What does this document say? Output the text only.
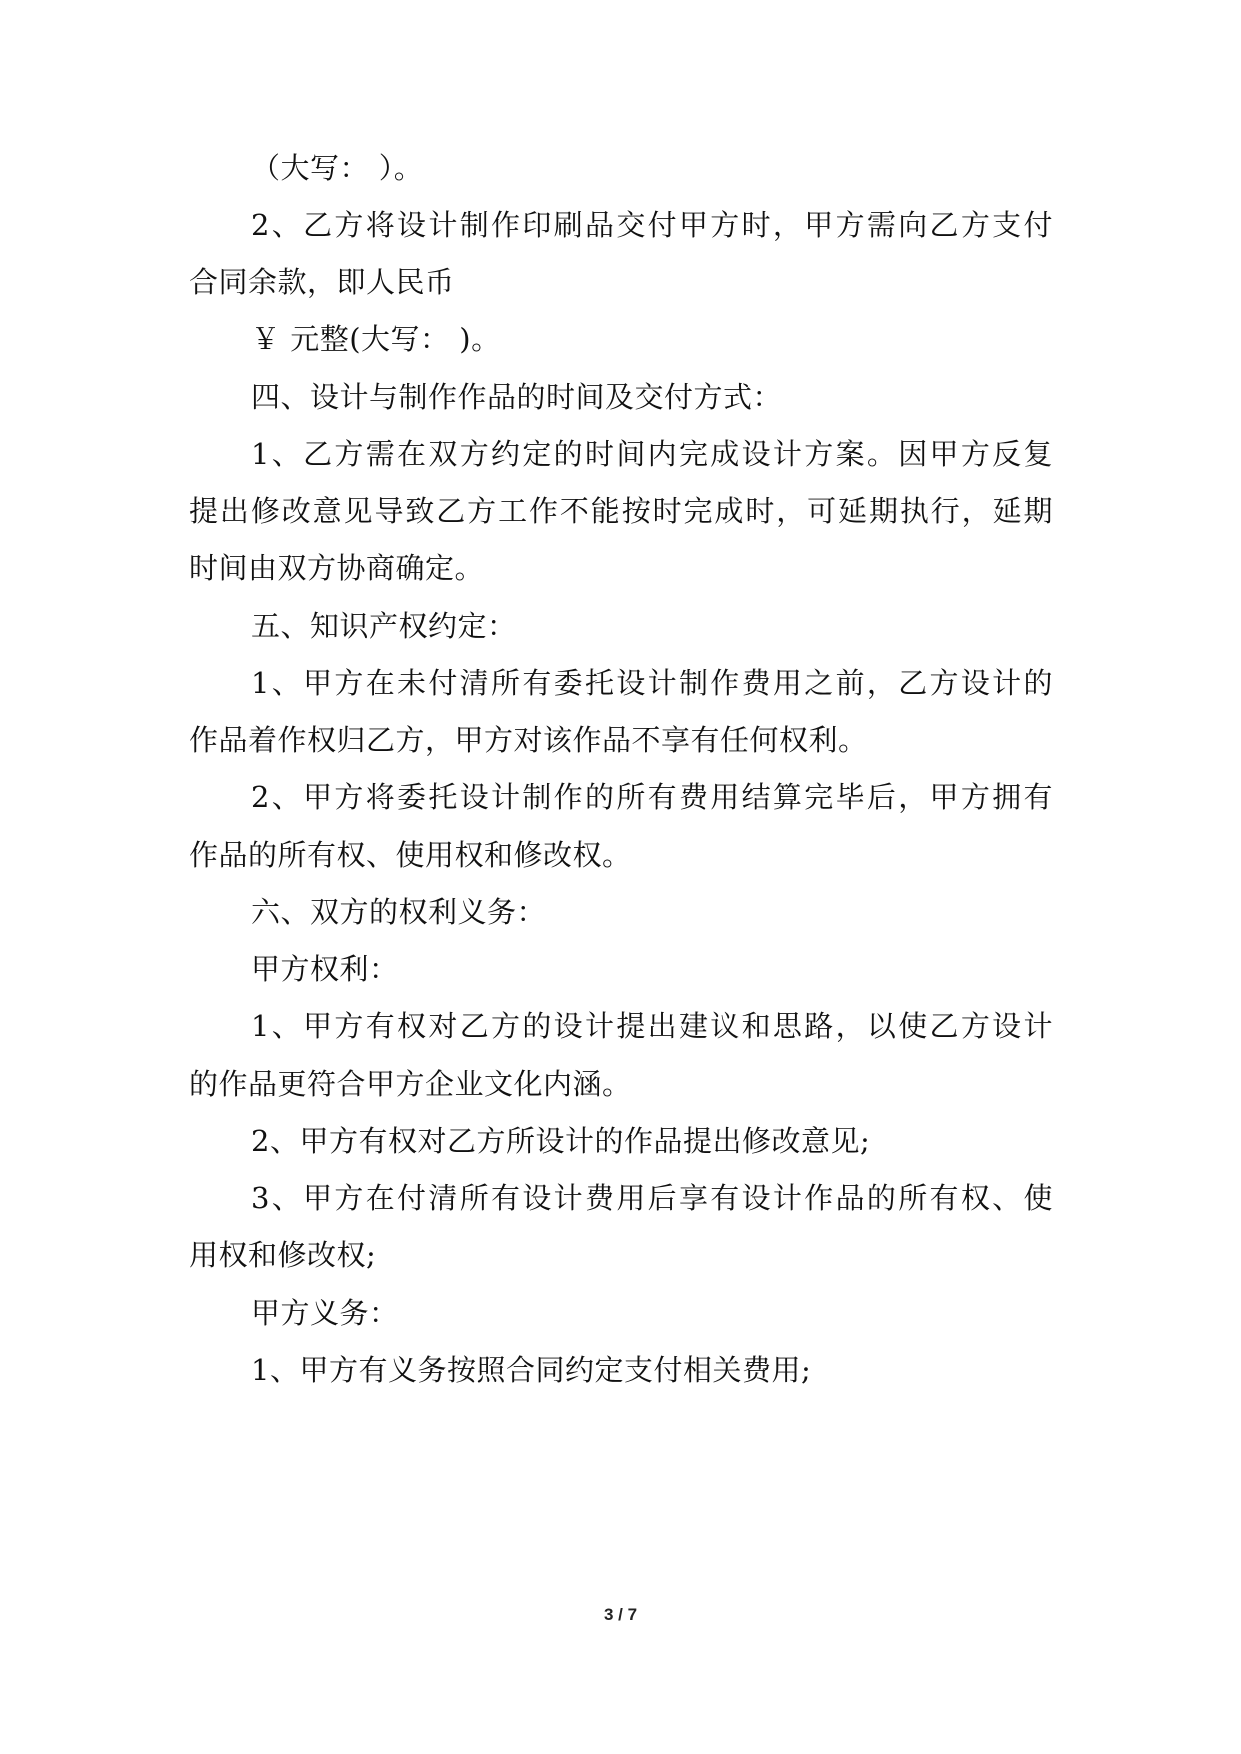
（大写： ）。
2、乙方将设计制作印刷品交付甲方时，甲方需向乙方支付
合同余款，即人民币
￥ 元整(大写： )。
四、设计与制作作品的时间及交付方式：
1、乙方需在双方约定的时间内完成设计方案。因甲方反复
提出修改意见导致乙方工作不能按时完成时，可延期执行，延期
时间由双方协商确定。
五、知识产权约定：
1、甲方在未付清所有委托设计制作费用之前，乙方设计的
作品着作权归乙方，甲方对该作品不享有任何权利。
2、甲方将委托设计制作的所有费用结算完毕后，甲方拥有
作品的所有权、使用权和修改权。
六、双方的权利义务：
甲方权利：
1、甲方有权对乙方的设计提出建议和思路，以使乙方设计
的作品更符合甲方企业文化内涵。
2、甲方有权对乙方所设计的作品提出修改意见;
3、甲方在付清所有设计费用后享有设计作品的所有权、使
用权和修改权;
甲方义务：
1、甲方有义务按照合同约定支付相关费用;
3 / 7
